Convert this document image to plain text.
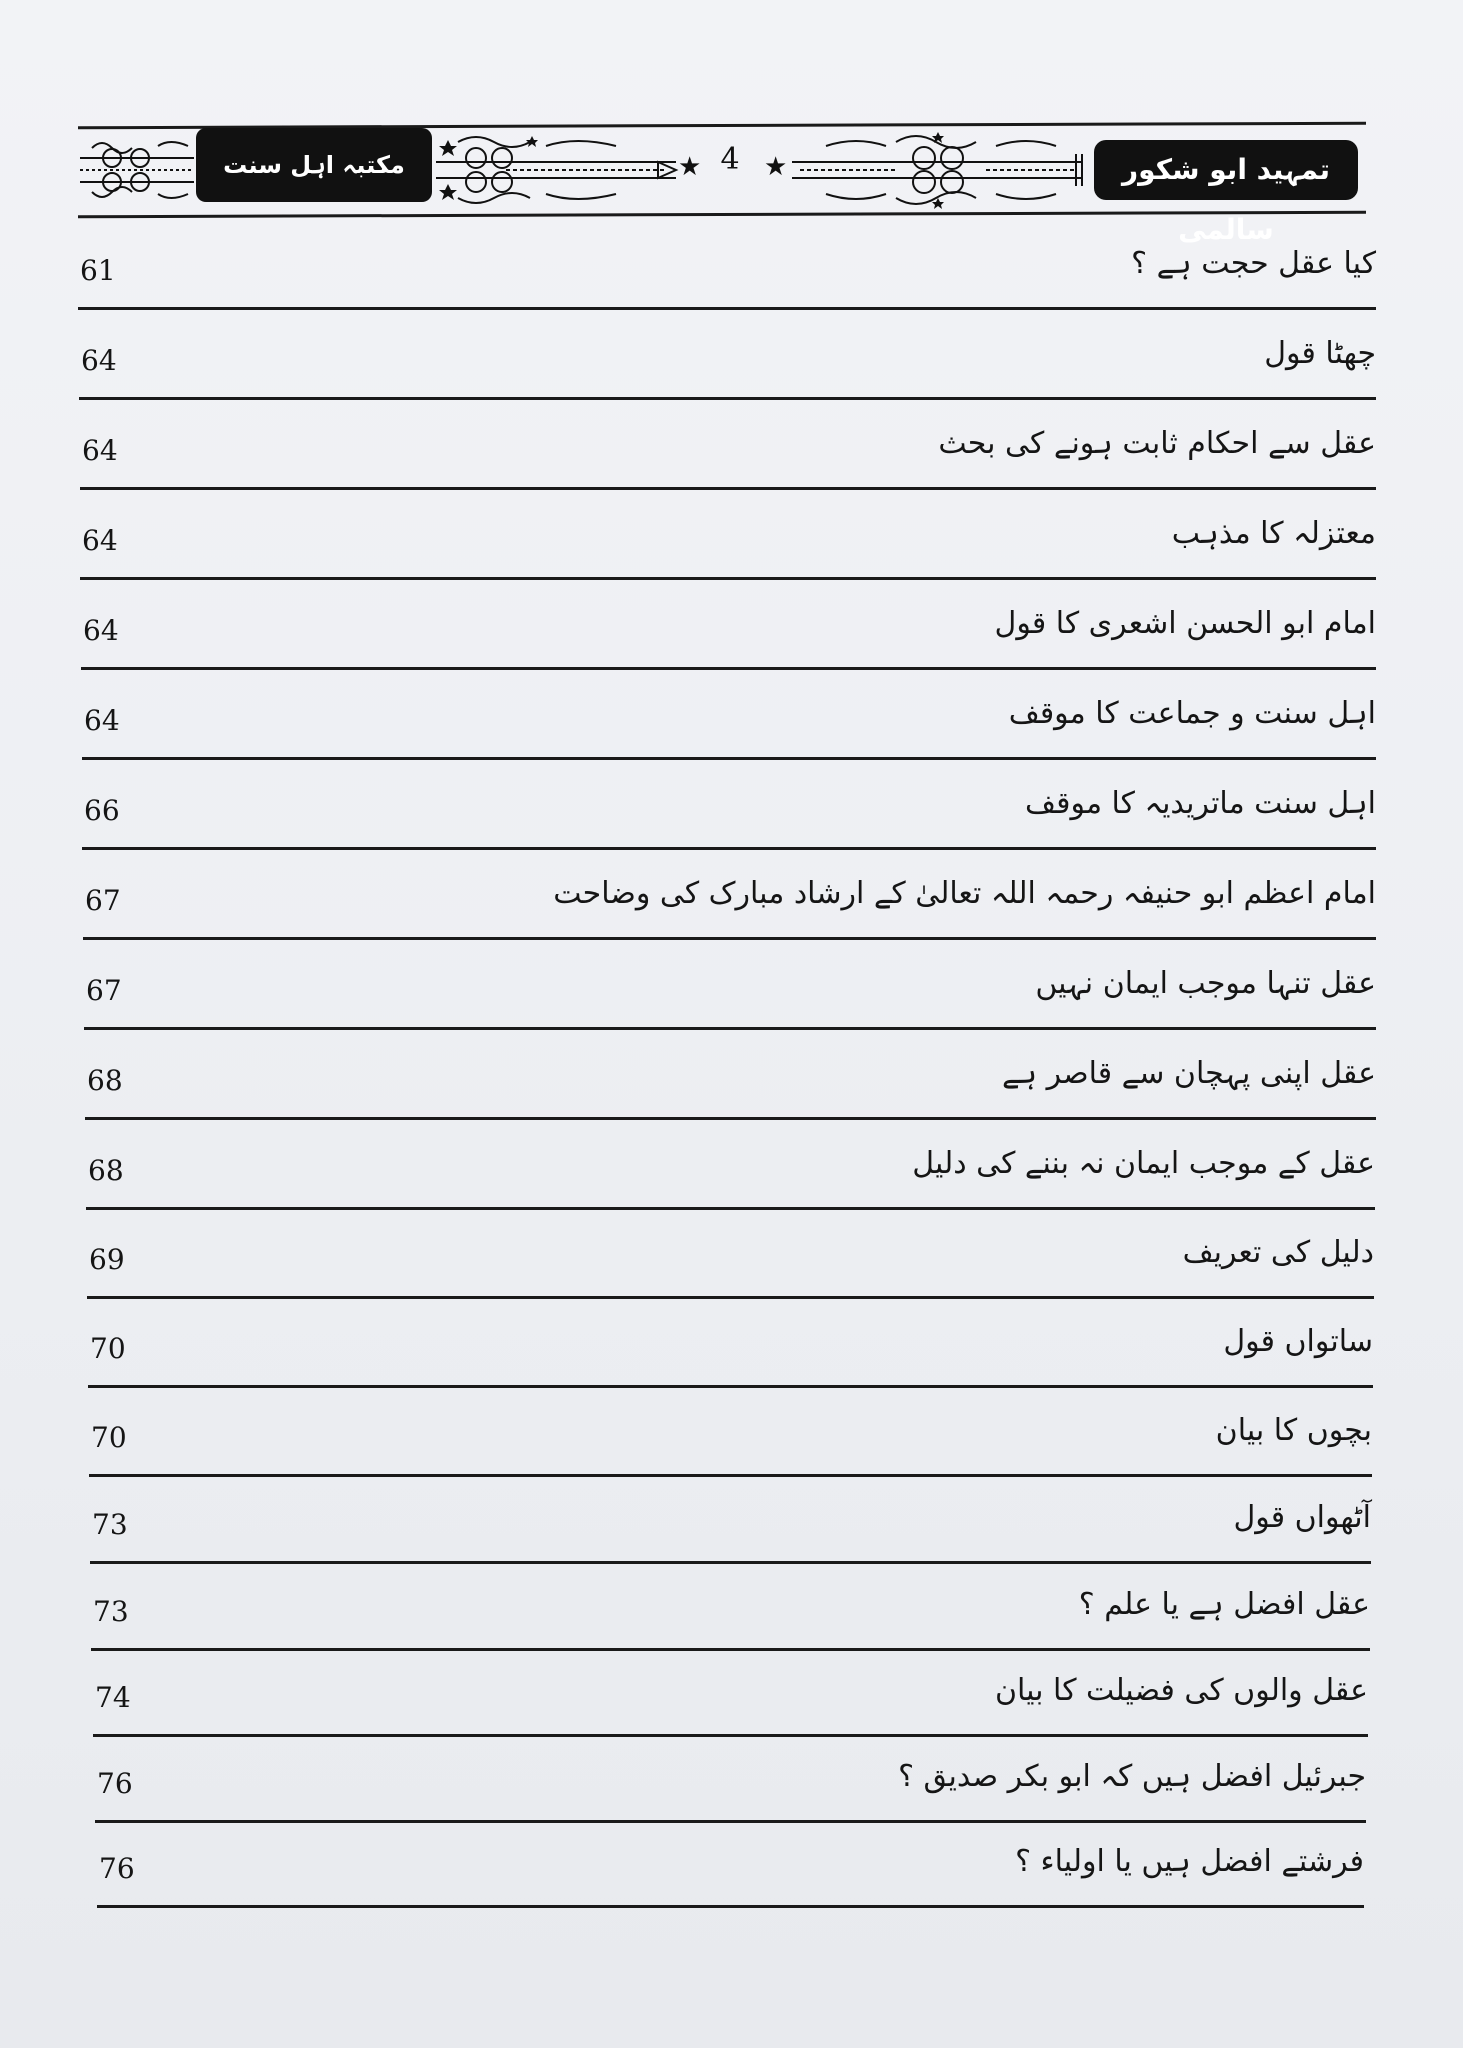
مکتبہ اہل سنت	★ 4 ★	تمہید ابو شکور سالمی
کیا عقل حجت ہے ؟
61
چھٹا قول
64
عقل سے احکام ثابت ہونے کی بحث
64
معتزلہ کا مذہب
64
امام ابو الحسن اشعری کا قول
64
اہل سنت و جماعت کا موقف
64
اہل سنت ماتریدیہ کا موقف
66
امام اعظم ابو حنیفہ رحمہ اللہ تعالیٰ کے ارشاد مبارک کی وضاحت
67
عقل تنہا موجب ایمان نہیں
67
عقل اپنی پہچان سے قاصر ہے
68
عقل کے موجب ایمان نہ بننے کی دلیل
68
دلیل کی تعریف
69
ساتواں قول
70
بچوں کا بیان
70
آٹھواں قول
73
عقل افضل ہے یا علم ؟
73
عقل والوں کی فضیلت کا بیان
74
جبرئیل افضل ہیں کہ ابو بکر صدیق ؟
76
فرشتے افضل ہیں یا اولیاء ؟
76
